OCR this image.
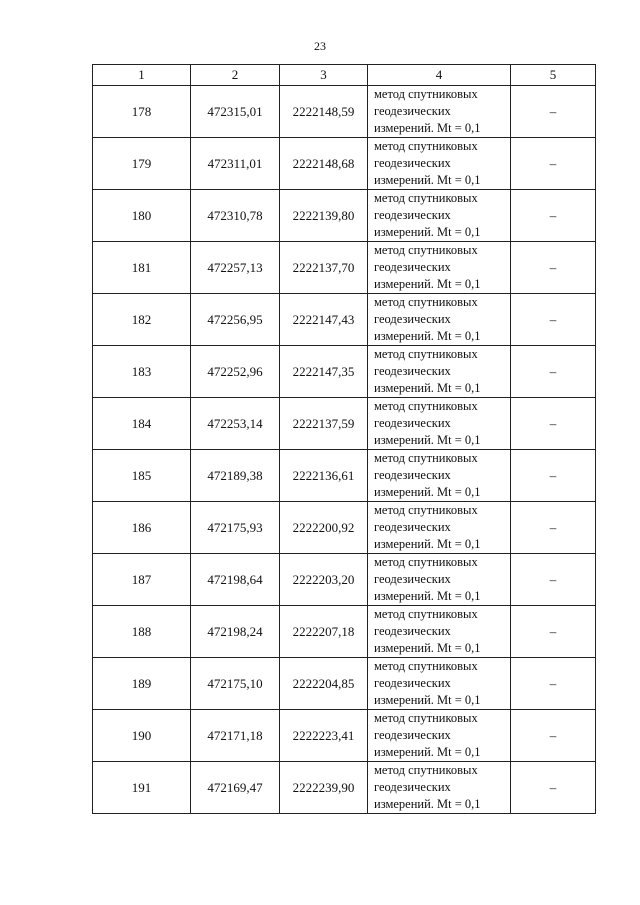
23
1	2	3	4	5
178	472315,01	2222148,59	метод спутниковых
геодезических
измерений. Mt = 0,1	–
179	472311,01	2222148,68	метод спутниковых
геодезических
измерений. Mt = 0,1	–
180	472310,78	2222139,80	метод спутниковых
геодезических
измерений. Mt = 0,1	–
181	472257,13	2222137,70	метод спутниковых
геодезических
измерений. Mt = 0,1	–
182	472256,95	2222147,43	метод спутниковых
геодезических
измерений. Mt = 0,1	–
183	472252,96	2222147,35	метод спутниковых
геодезических
измерений. Mt = 0,1	–
184	472253,14	2222137,59	метод спутниковых
геодезических
измерений. Mt = 0,1	–
185	472189,38	2222136,61	метод спутниковых
геодезических
измерений. Mt = 0,1	–
186	472175,93	2222200,92	метод спутниковых
геодезических
измерений. Mt = 0,1	–
187	472198,64	2222203,20	метод спутниковых
геодезических
измерений. Mt = 0,1	–
188	472198,24	2222207,18	метод спутниковых
геодезических
измерений. Mt = 0,1	–
189	472175,10	2222204,85	метод спутниковых
геодезических
измерений. Mt = 0,1	–
190	472171,18	2222223,41	метод спутниковых
геодезических
измерений. Mt = 0,1	–
191	472169,47	2222239,90	метод спутниковых
геодезических
измерений. Mt = 0,1	–
